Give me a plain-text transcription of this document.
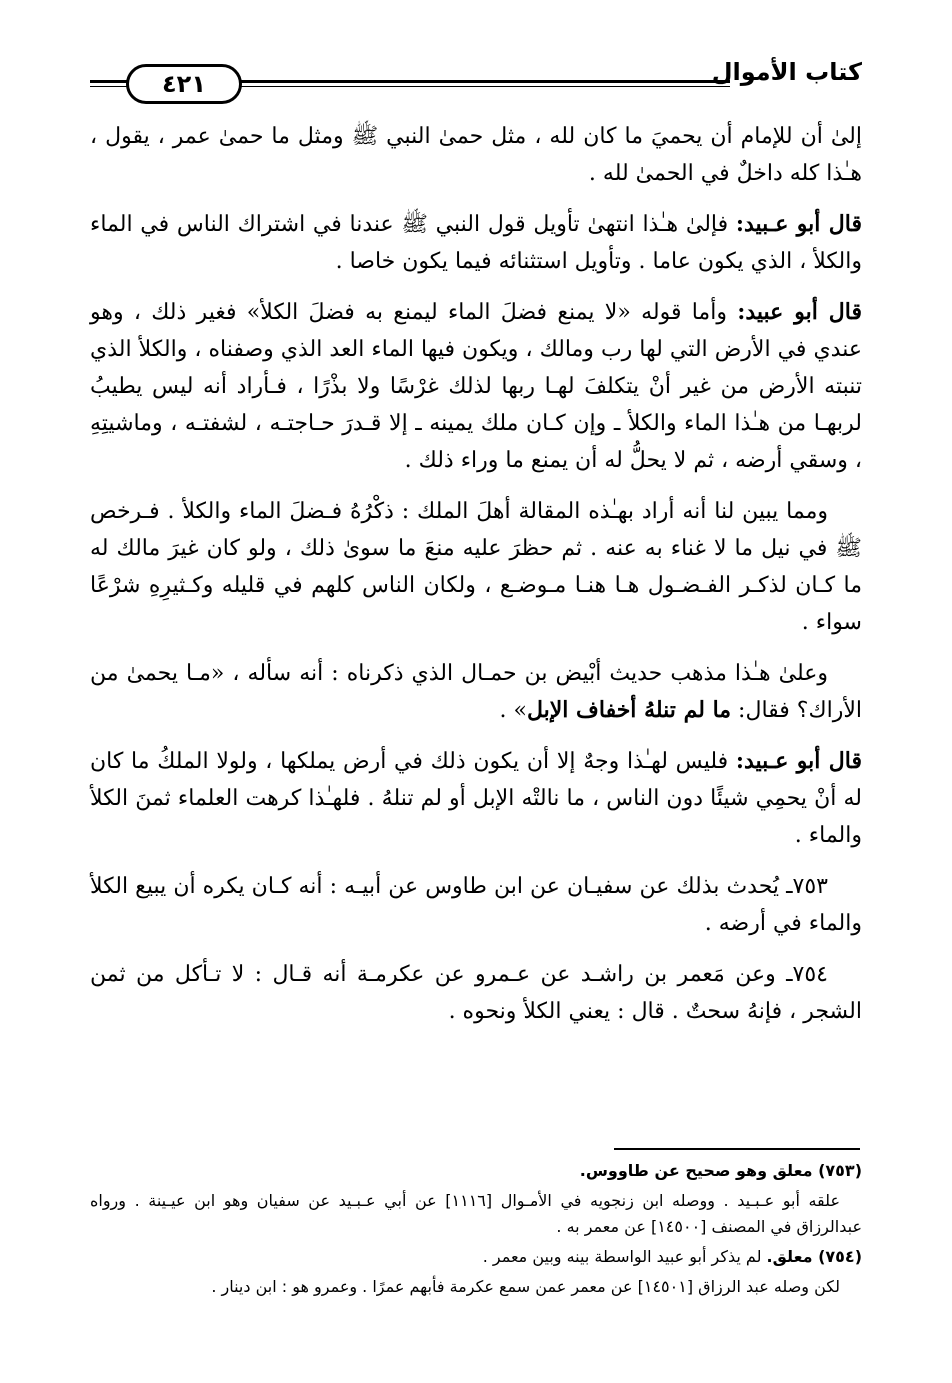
٤٢١	كتاب الأموال

إلىٰ أن للإمام أن يحميَ ما كان لله ، مثل حمىٰ النبي ﷺ ومثل ما حمىٰ عمر ، يقول ، هـٰذا كله داخلٌ في الحمىٰ لله .

قال أبو عـبيد: فإلىٰ هـٰذا انتهىٰ تأويل قول النبي ﷺ عندنا في اشتراك الناس في الماء والكلأ ، الذي يكون عاما . وتأويل استثنائه فيما يكون خاصا .

قال أبو عبيد: وأما قوله «لا يمنع فضلَ الماء ليمنع به فضلَ الكلأ» فغير ذلك ، وهو عندي في الأرض التي لها رب ومالك ، ويكون فيها الماء العد الذي وصفناه ، والكلأ الذي تنبته الأرض من غير أنْ يتكلفَ لهـا ربها لذلك غرْسًا ولا بذْرًا ، فـأراد أنه ليس يطيبُ لربهـا من هـٰذا الماء والكلأ ـ وإن كـان ملك يمينه ـ إلا قـدرَ حـاجتـه ، لشفتـه ، وماشيتِهِ ، وسقي أرضه ، ثم لا يحلُّ له أن يمنع ما وراء ذلك .

ومما يبين لنا أنه أراد بهـٰذه المقالة أهلَ الملك : ذكْرُهُ فـضلَ الماء والكلأ . فـرخص ﷺ في نيل ما لا غناء به عنه . ثم حظرَ عليه منعَ ما سوىٰ ذلك ، ولو كان غيرَ مالك له ما كـان لذكـر الفـضـول هـا هنـا مـوضـع ، ولكان الناس كلهم في قليله وكـثيرِهِ شرْعًا سواء .

وعلىٰ هـٰذا مذهب حديث أبْيض بن حمـال الذي ذكرناه : أنه سأله ، «مـا يحمىٰ من الأراك؟ فقال: ما لم تنلهُ أخفاف الإبل» .

قال أبو عـبيد: فليس لهـٰذا وجهٌ إلا أن يكون ذلك في أرض يملكها ، ولولا الملكُ ما كان له أنْ يحمِي شيئًا دون الناس ، ما نالتْه الإبل أو لم تنلهُ . فلهـٰذا كرهت العلماء ثمنَ الكلأ والماء .

٧٥٣ـ يُحدث بذلك عن سفيـان عن ابن طاوس عن أبيـه : أنه كـان يكره أن يبيع الكلأ والماء في أرضه .

٧٥٤ـ وعن مَعمر بن راشـد عن عـمرو عن عكرمـة أنه قـال : لا تـأكل من ثمن الشجر ، فإنهُ سحتٌ . قال : يعني الكلأ ونحوه .

(٧٥٣) معلق وهو صحيح عن طاووس.

علقه أبو عـبـيد . ووصله ابن زنجويه في الأمـوال [١١١٦] عن أبي عـبـيد عن سفيان وهو ابن عيـينة . ورواه عبدالرزاق في المصنف [١٤٥٠٠] عن معمر به .

(٧٥٤) معلق. لم يذكر أبو عبيد الواسطة بينه وبين معمر .

لكن وصله عبد الرزاق [١٤٥٠١] عن معمر عمن سمع عكرمة فأبهم عمرًا . وعمرو هو : ابن دينار .
